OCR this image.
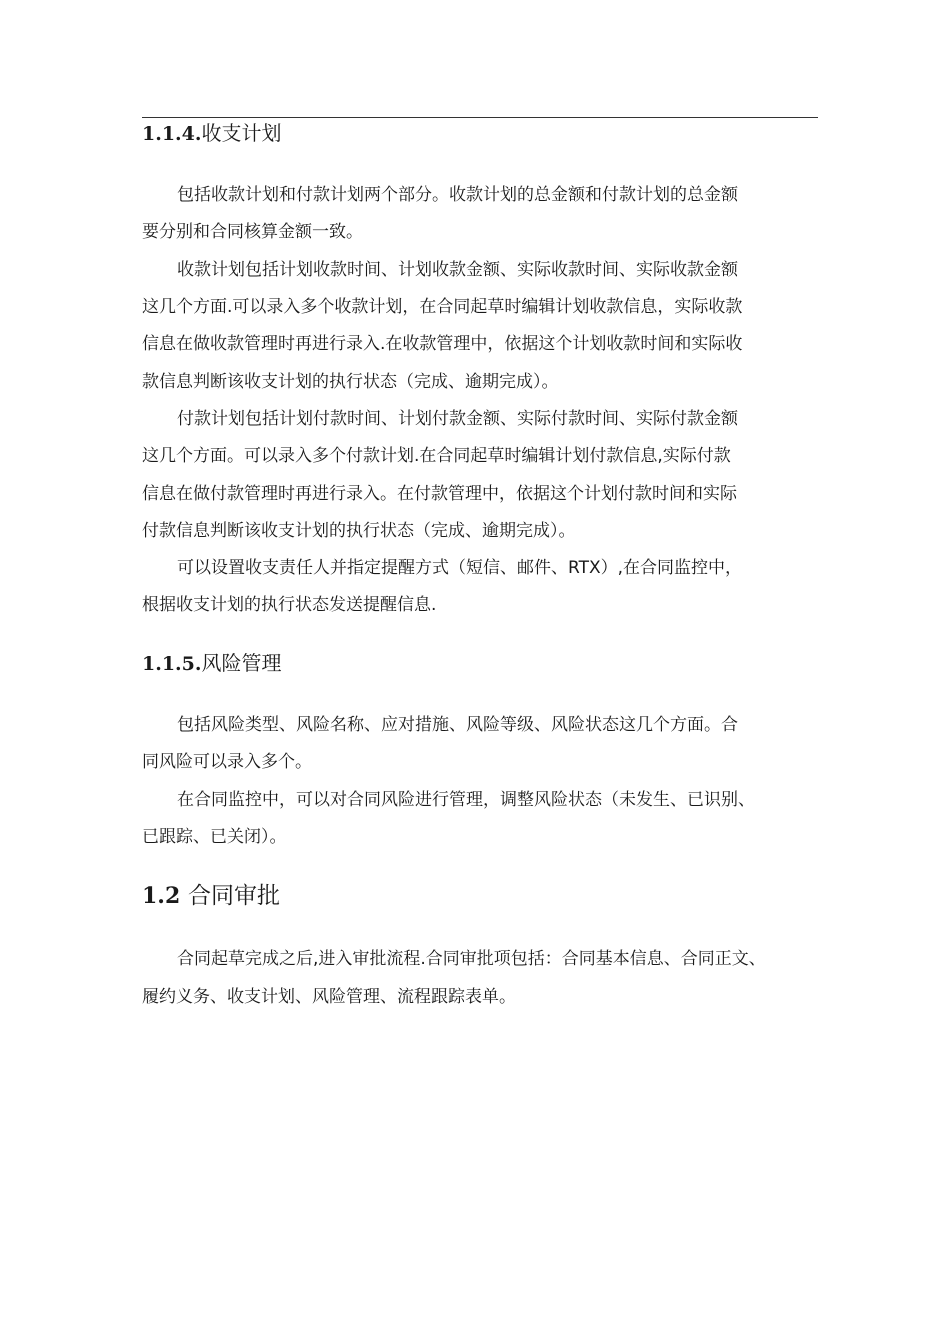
1.1.4.收支计划
包括收款计划和付款计划两个部分。收款计划的总金额和付款计划的总金额
要分别和合同核算金额一致。
收款计划包括计划收款时间、计划收款金额、实际收款时间、实际收款金额
这几个方面.可以录入多个收款计划，在合同起草时编辑计划收款信息，实际收款
信息在做收款管理时再进行录入.在收款管理中，依据这个计划收款时间和实际收
款信息判断该收支计划的执行状态（完成、逾期完成）。
付款计划包括计划付款时间、计划付款金额、实际付款时间、实际付款金额
这几个方面。可以录入多个付款计划.在合同起草时编辑计划付款信息,实际付款
信息在做付款管理时再进行录入。在付款管理中，依据这个计划付款时间和实际
付款信息判断该收支计划的执行状态（完成、逾期完成）。
可以设置收支责任人并指定提醒方式（短信、邮件、RTX）,在合同监控中，
根据收支计划的执行状态发送提醒信息.
1.1.5.风险管理
包括风险类型、风险名称、应对措施、风险等级、风险状态这几个方面。合
同风险可以录入多个。
在合同监控中，可以对合同风险进行管理，调整风险状态（未发生、已识别、
已跟踪、已关闭）。
1.2 合同审批
合同起草完成之后,进入审批流程.合同审批项包括：合同基本信息、合同正文、
履约义务、收支计划、风险管理、流程跟踪表单。
